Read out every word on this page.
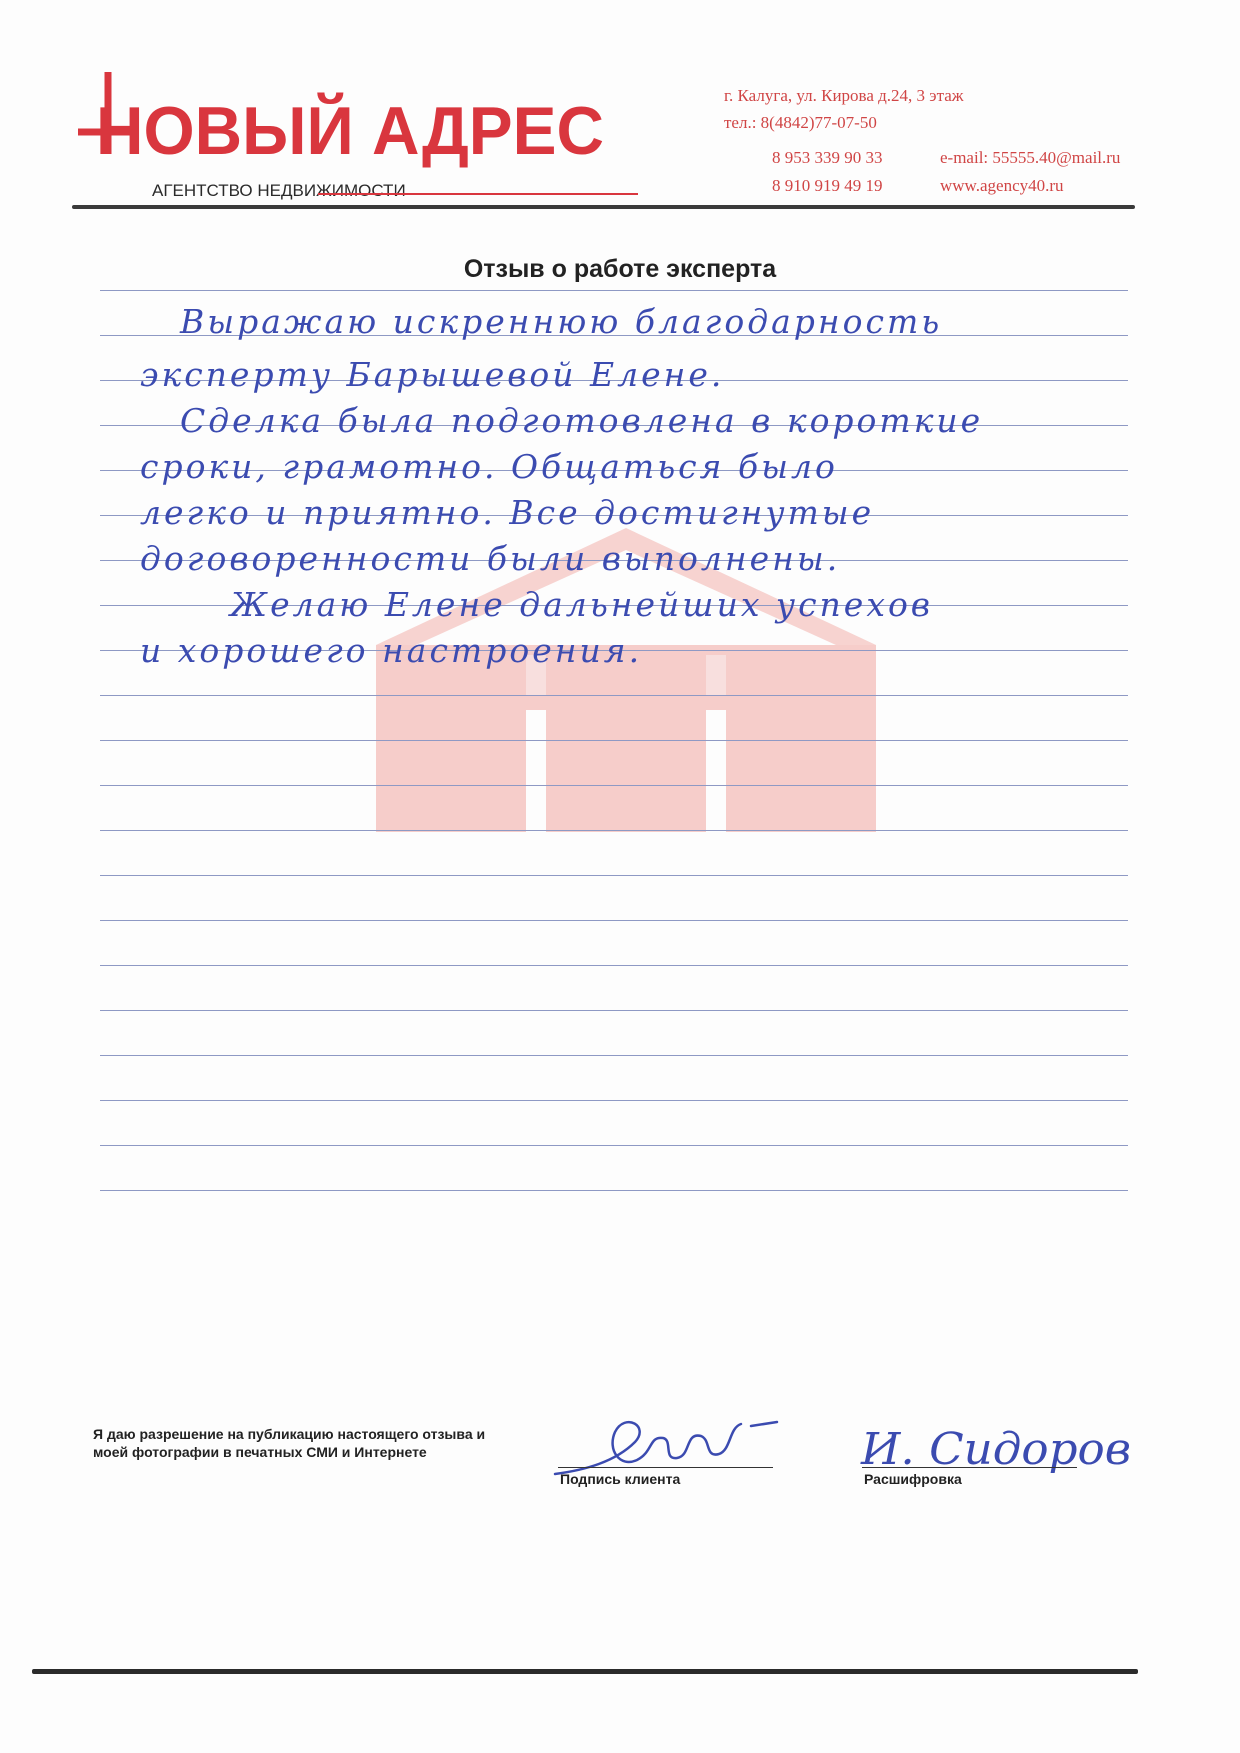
НОВЫЙ АДРЕС
АГЕНТСТВО НЕДВИЖИМОСТИ
г. Калуга, ул. Кирова д.24, 3 этаж
тел.: 8(4842)77-07-50
8 953 339 90 33	e-mail: 55555.40@mail.ru
8 910 919 49 19	www.agency40.ru
Отзыв о работе эксперта
Выражаю искреннюю благодарность
эксперту Барышевой Елене.
Сделка была подготовлена в короткие
сроки, грамотно. Общаться было
легко и приятно. Все достигнутые
договоренности были выполнены.
Желаю Елене дальнейших успехов
и хорошего настроения.
Я даю разрешение на публикацию настоящего отзыва и моей фотографии в печатных СМИ и Интернете
Подпись клиента
И. Сидоров
Расшифровка
